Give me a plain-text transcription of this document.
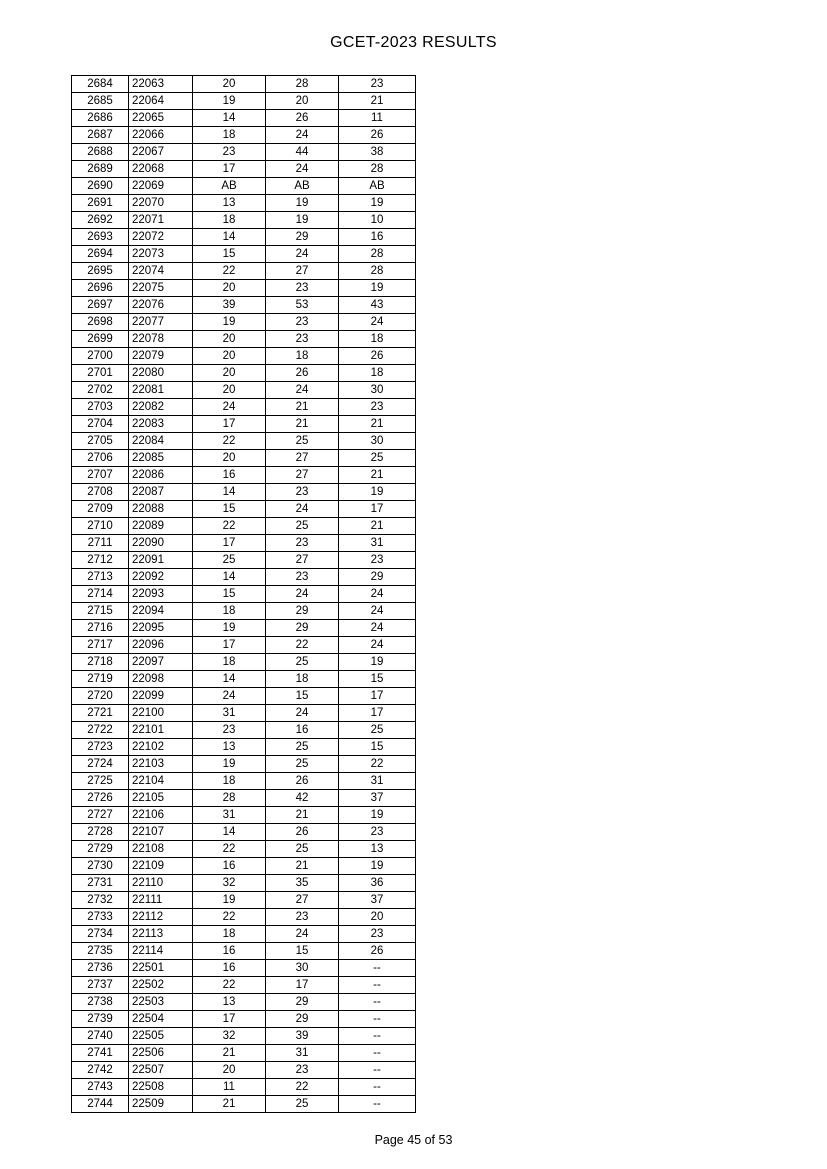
GCET-2023 RESULTS
2684	22063	20	28	23
2685	22064	19	20	21
2686	22065	14	26	11
2687	22066	18	24	26
2688	22067	23	44	38
2689	22068	17	24	28
2690	22069	AB	AB	AB
2691	22070	13	19	19
2692	22071	18	19	10
2693	22072	14	29	16
2694	22073	15	24	28
2695	22074	22	27	28
2696	22075	20	23	19
2697	22076	39	53	43
2698	22077	19	23	24
2699	22078	20	23	18
2700	22079	20	18	26
2701	22080	20	26	18
2702	22081	20	24	30
2703	22082	24	21	23
2704	22083	17	21	21
2705	22084	22	25	30
2706	22085	20	27	25
2707	22086	16	27	21
2708	22087	14	23	19
2709	22088	15	24	17
2710	22089	22	25	21
2711	22090	17	23	31
2712	22091	25	27	23
2713	22092	14	23	29
2714	22093	15	24	24
2715	22094	18	29	24
2716	22095	19	29	24
2717	22096	17	22	24
2718	22097	18	25	19
2719	22098	14	18	15
2720	22099	24	15	17
2721	22100	31	24	17
2722	22101	23	16	25
2723	22102	13	25	15
2724	22103	19	25	22
2725	22104	18	26	31
2726	22105	28	42	37
2727	22106	31	21	19
2728	22107	14	26	23
2729	22108	22	25	13
2730	22109	16	21	19
2731	22110	32	35	36
2732	22111	19	27	37
2733	22112	22	23	20
2734	22113	18	24	23
2735	22114	16	15	26
2736	22501	16	30	--
2737	22502	22	17	--
2738	22503	13	29	--
2739	22504	17	29	--
2740	22505	32	39	--
2741	22506	21	31	--
2742	22507	20	23	--
2743	22508	11	22	--
2744	22509	21	25	--
Page 45 of 53
